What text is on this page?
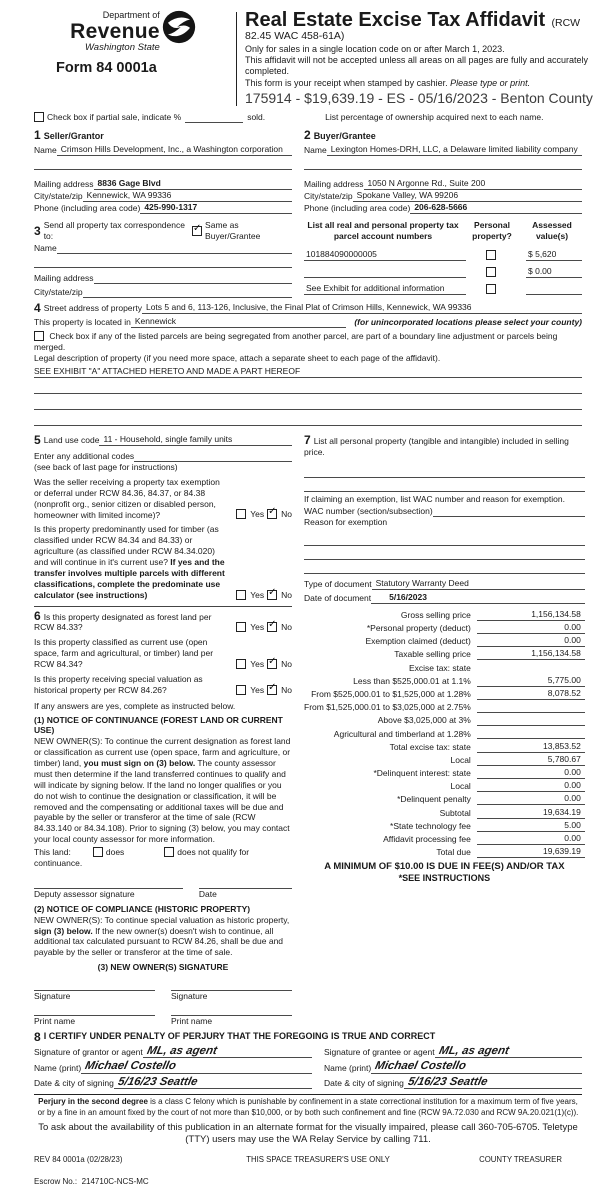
Department of
Revenue
Washington State
Form 84 0001a
Real Estate Excise Tax Affidavit (RCW 82.45 WAC 458-61A)
Only for sales in a single location code on or after March 1, 2023.
This affidavit will not be accepted unless all areas on all pages are fully and accurately completed.
This form is your receipt when stamped by cashier. Please type or print.
175914 - $19,639.19 - ES - 05/16/2023 - Benton County
Check box if partial sale, indicate %	sold.	List percentage of ownership acquired next to each name.
1 Seller/Grantor
Name Crimson Hills Development, Inc., a Washington corporation
Mailing address 8836 Gage Blvd
City/state/zip Kennewick, WA 99336
Phone (including area code) 425-990-1317
2 Buyer/Grantee
Name Lexington Homes-DRH, LLC, a Delaware limited liability company
Mailing address 1050 N Argonne Rd., Suite 200
City/state/zip Spokane Valley, WA 99206
Phone (including area code) 206-628-5666
3 Send all property tax correspondence to:

✓
Same as Buyer/Grantee
Name
Mailing address
City/state/zip
List all real and personal property tax parcel account numbers
Personal property?
Assessed value(s)
101884090000005	$ 5,620
$ 0.00
See Exhibit for additional information
4 Street address of property Lots 5 and 6, 113-126, Inclusive, the Final Plat of Crimson Hills, Kennewick, WA 99336
This property is located in Kennewick	(for unincorporated locations please select your county)
Check box if any of the listed parcels are being segregated from another parcel, are part of a boundary line adjustment or parcels being merged.
Legal description of property (if you need more space, attach a separate sheet to each page of the affidavit).
SEE EXHIBIT "A" ATTACHED HERETO AND MADE A PART HEREOF
5 Land use code 11 - Household, single family units
Enter any additional codes
(see back of last page for instructions)
Was the seller receiving a property tax exemption or deferral under RCW 84.36, 84.37, or 84.38 (nonprofit org., senior citizen or disabled person, homeowner with limited income)?	Yes ✓ No
Is this property predominantly used for timber (as classified under RCW 84.34 and 84.33) or agriculture (as classified under RCW 84.34.020) and will continue in it's current use? If yes and the transfer involves multiple parcels with different classifications, complete the predominate use calculator (see instructions)	Yes ✓ No
6 Is this property designated as forest land per RCW 84.33?	Yes ✓ No
Is this property classified as current use (open space, farm and agricultural, or timber) land per RCW 84.34?	Yes ✓ No
Is this property receiving special valuation as historical property per RCW 84.26?	Yes ✓ No
If any answers are yes, complete as instructed below.
(1) NOTICE OF CONTINUANCE (FOREST LAND OR CURRENT USE)
NEW OWNER(S): To continue the current designation as forest land or classification as current use (open space, farm and agriculture, or timber) land, you must sign on (3) below. The county assessor must then determine if the land transferred continues to qualify and will indicate by signing below. If the land no longer qualifies or you do not wish to continue the designation or classification, it will be removed and the compensating or additional taxes will be due and payable by the seller or transferor at the time of sale (RCW 84.33.140 or 84.34.108). Prior to signing (3) below, you may contact your local county assessor for more information.
This land:	does	does not qualify for
continuance.
Deputy assessor signature	Date
(2) NOTICE OF COMPLIANCE (HISTORIC PROPERTY)
NEW OWNER(S): To continue special valuation as historic property, sign (3) below. If the new owner(s) doesn't wish to continue, all additional tax calculated pursuant to RCW 84.26, shall be due and payable by the seller or transferor at the time of sale.
(3) NEW OWNER(S) SIGNATURE
Signature	Signature
Print name	Print name
7 List all personal property (tangible and intangible) included in selling price.
If claiming an exemption, list WAC number and reason for exemption.
WAC number (section/subsection)
Reason for exemption
Type of document Statutory Warranty Deed
Date of document	5/16/2023
Gross selling price	1,156,134.58
*Personal property (deduct)	0.00
Exemption claimed (deduct)	0.00
Taxable selling price	1,156,134.58
Excise tax: state
Less than $525,000.01 at 1.1%	5,775.00
From $525,000.01 to $1,525,000 at 1.28%	8,078.52
From $1,525,000.01 to $3,025,000 at 2.75%
Above $3,025,000 at 3%
Agricultural and timberland at 1.28%
Total excise tax: state	13,853.52
Local	5,780.67
*Delinquent interest: state	0.00
Local	0.00
*Delinquent penalty	0.00
Subtotal	19,634.19
*State technology fee	5.00
Affidavit processing fee	0.00
Total due	19,639.19
A MINIMUM OF $10.00 IS DUE IN FEE(S) AND/OR TAX
*SEE INSTRUCTIONS
8 I CERTIFY UNDER PENALTY OF PERJURY THAT THE FOREGOING IS TRUE AND CORRECT
Signature of grantor or agent ML, as agent
Name (print) Michael Costello
Date & city of signing 5/16/23 Seattle
Signature of grantee or agent ML, as agent
Name (print) Michael Costello
Date & city of signing 5/16/23 Seattle
Perjury in the second degree is a class C felony which is punishable by confinement in a state correctional institution for a maximum term of five years, or by a fine in an amount fixed by the court of not more than $10,000, or by both such confinement and fine (RCW 9A.72.030 and RCW 9A.20.021(1)(c)).
To ask about the availability of this publication in an alternate format for the visually impaired, please call 360-705-6705. Teletype (TTY) users may use the WA Relay Service by calling 711.
REV 84 0001a (02/28/23)	THIS SPACE TREASURER'S USE ONLY	COUNTY TREASURER
Escrow No.: 214710C-NCS-MC
